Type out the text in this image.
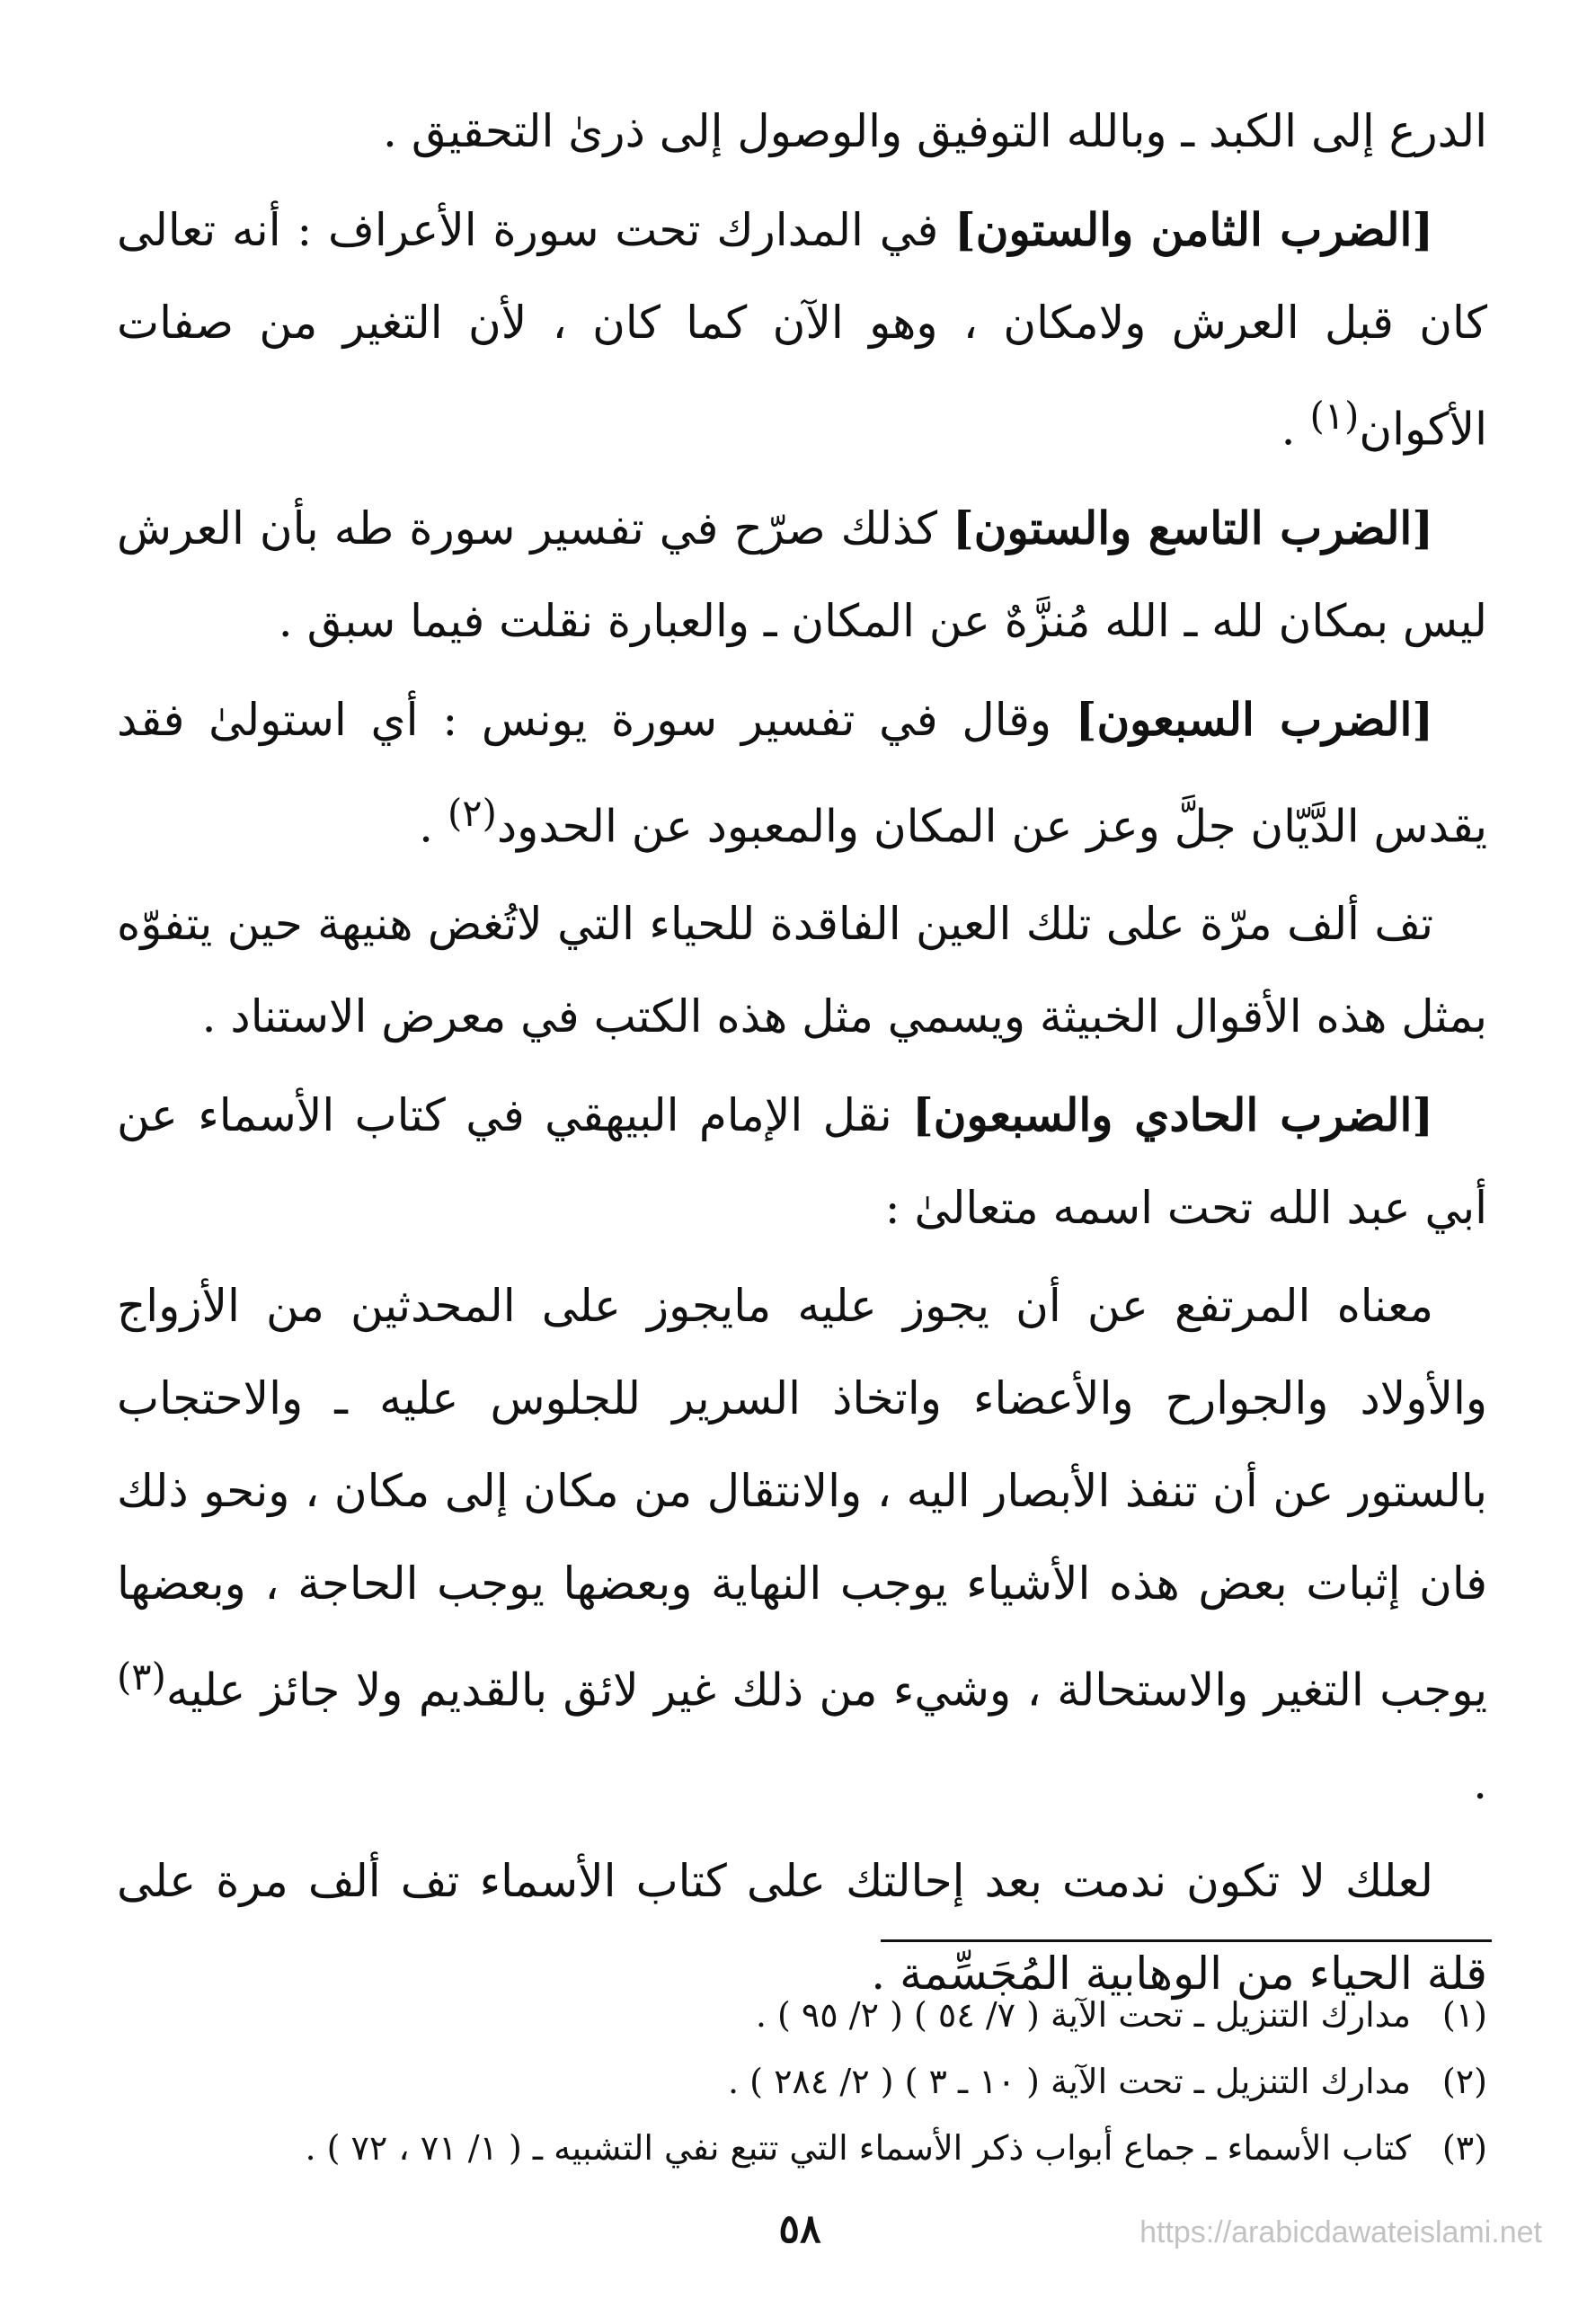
الدرع إلى الكبد ـ وبالله التوفيق والوصول إلى ذرىٰ التحقيق .

[الضرب الثامن والستون] في المدارك تحت سورة الأعراف : أنه تعالى كان قبل العرش ولامكان ، وهو الآن كما كان ، لأن التغير من صفات الأكوان$^{(١)}$ .

[الضرب التاسع والستون] كذلك صرّح في تفسير سورة طه بأن العرش ليس بمكان لله ـ الله مُنزَّهٌ عن المكان ـ والعبارة نقلت فيما سبق .

[الضرب السبعون] وقال في تفسير سورة يونس : أي استولىٰ فقد يقدس الدَّيّان جلَّ وعز عن المكان والمعبود عن الحدود$^{(٢)}$ .

تف ألف مرّة على تلك العين الفاقدة للحياء التي لاتُغض هنيهة حين يتفوّه بمثل هذه الأقوال الخبيثة ويسمي مثل هذه الكتب في معرض الاستناد .

[الضرب الحادي والسبعون] نقل الإمام البيهقي في كتاب الأسماء عن أبي عبد الله تحت اسمه متعالىٰ :

معناه المرتفع عن أن يجوز عليه مايجوز على المحدثين من الأزواج والأولاد والجوارح والأعضاء واتخاذ السرير للجلوس عليه ـ والاحتجاب بالستور عن أن تنفذ الأبصار اليه ، والانتقال من مكان إلى مكان ، ونحو ذلك فان إثبات بعض هذه الأشياء يوجب النهاية وبعضها يوجب الحاجة ، وبعضها يوجب التغير والاستحالة ، وشيء من ذلك غير لائق بالقديم ولا جائز عليه$^{(٣)}$ .

لعلك لا تكون ندمت بعد إحالتك على كتاب الأسماء تف ألف مرة على قلة الحياء من الوهابية المُجَسِّمة .

(١)
مدارك التنزيل ـ تحت الآية ( ٧/ ٥٤ ) ( ٢/ ٩٥ ) .
(٢)
مدارك التنزيل ـ تحت الآية ( ١٠ ـ ٣ ) ( ٢/ ٢٨٤ ) .
(٣)
كتاب الأسماء ـ جماع أبواب ذكر الأسماء التي تتبع نفي التشبيه ـ ( ١/ ٧١ ، ٧٢ ) .
٥٨	https://arabicdawateislami.net
